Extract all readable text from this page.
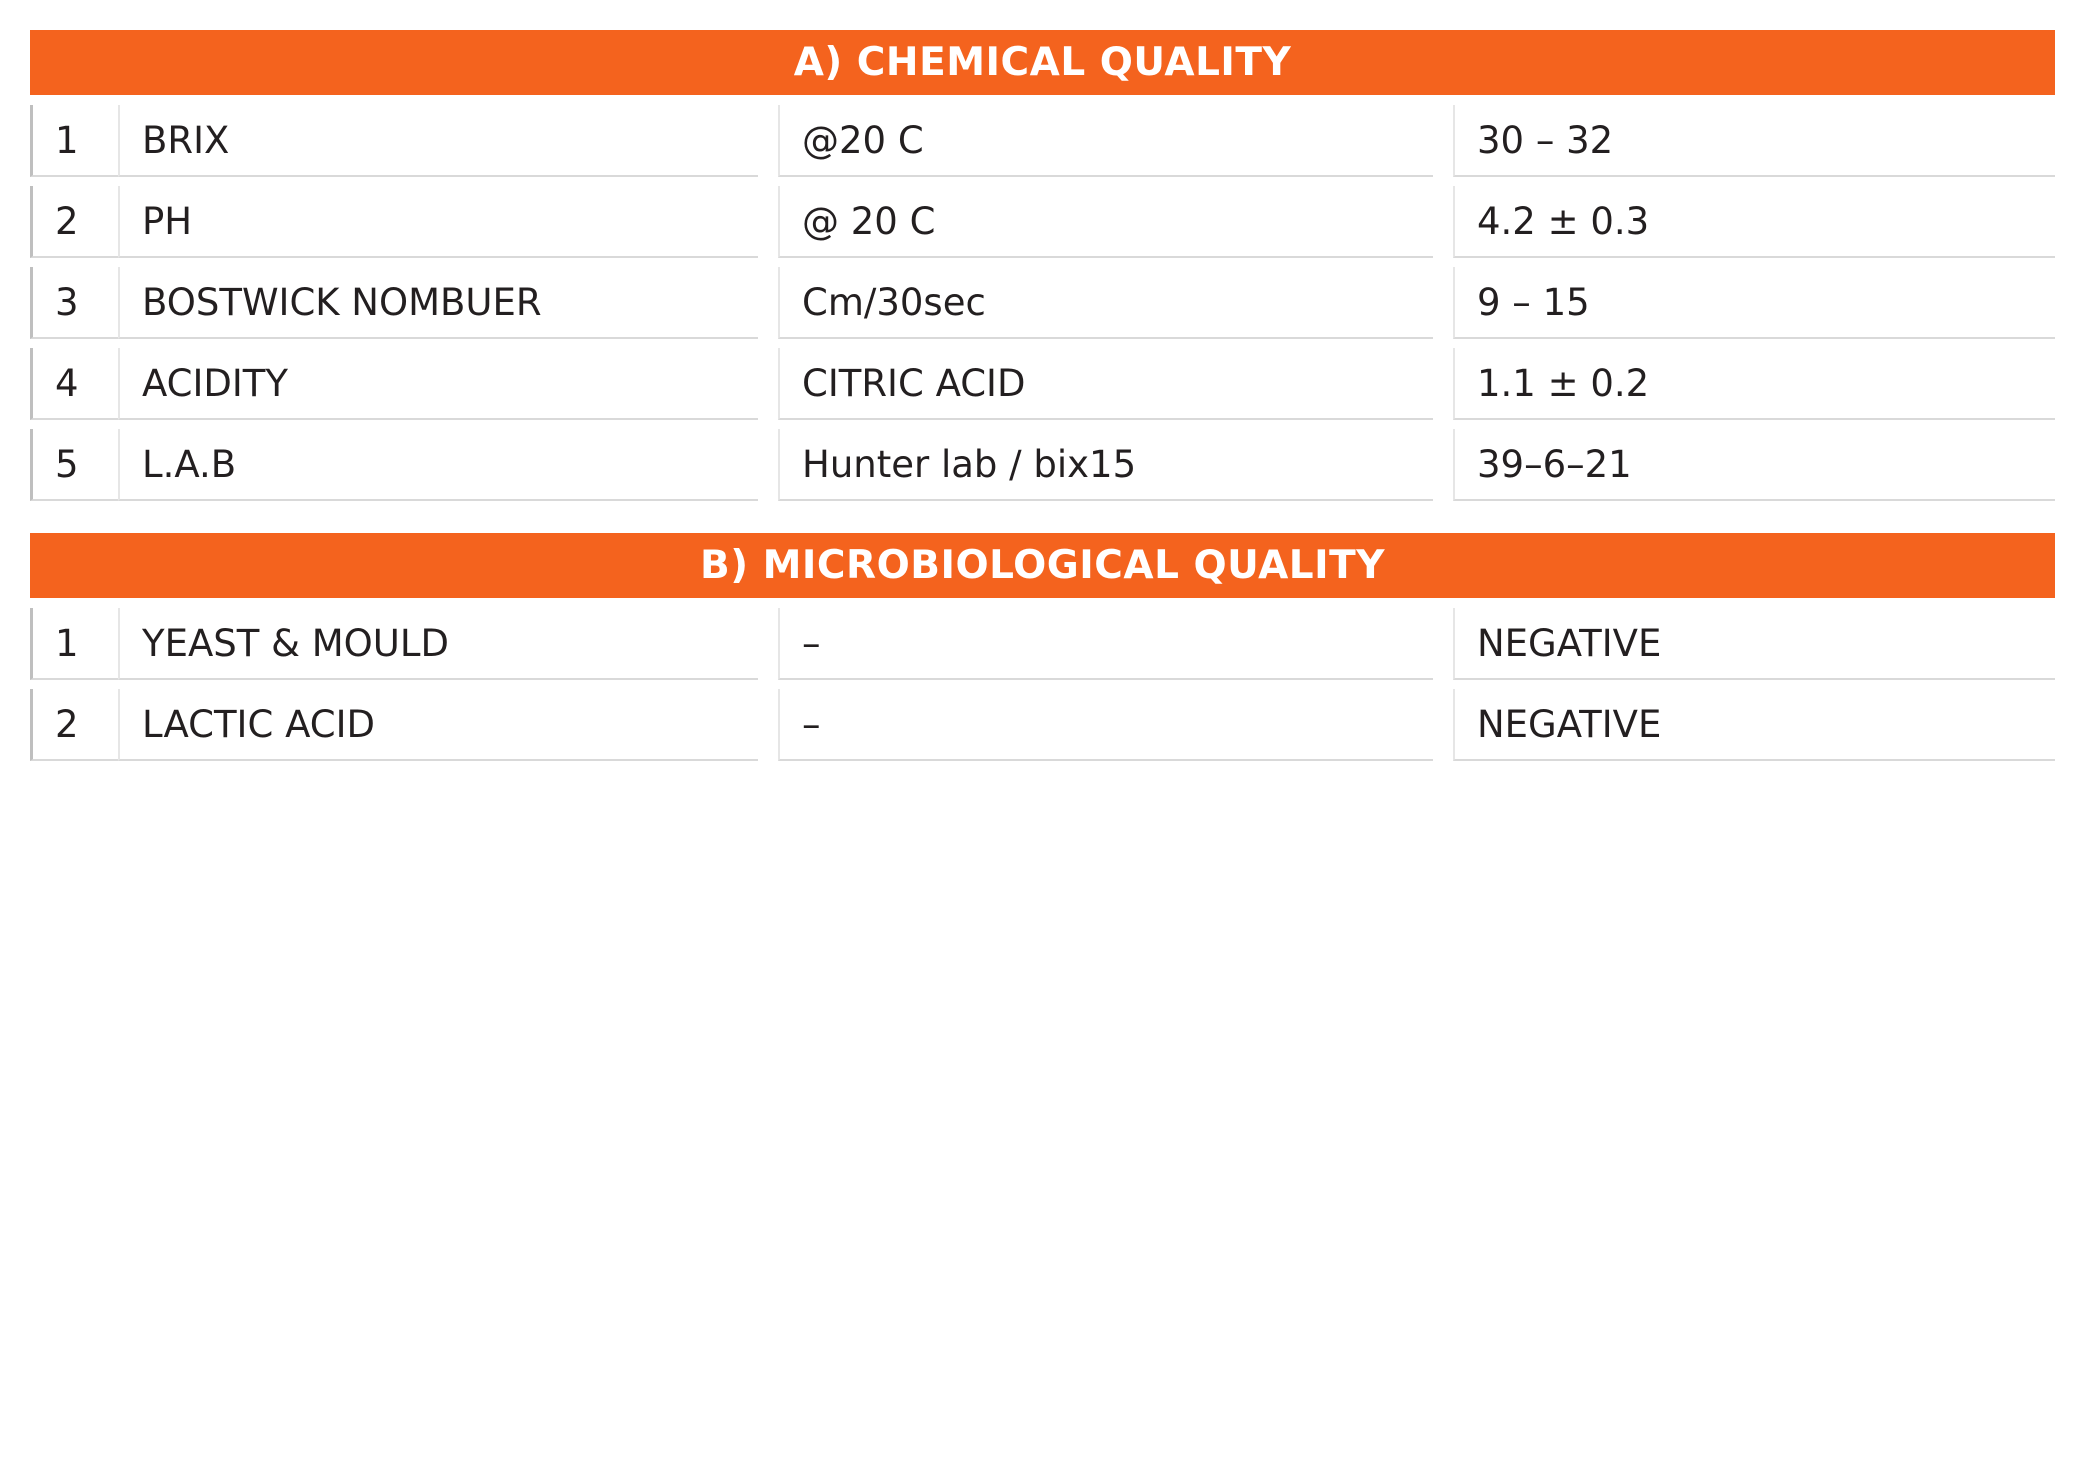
A) CHEMICAL QUALITY
1	BRIX	@20 C	30 – 32
2	PH	@ 20 C	4.2 ± 0.3
3	BOSTWICK NOMBUER	Cm/30sec	9 – 15
4	ACIDITY	CITRIC ACID	1.1 ± 0.2
5	L.A.B	Hunter lab / bix15	39–6–21
B) MICROBIOLOGICAL QUALITY
1	YEAST & MOULD	–	NEGATIVE
2	LACTIC ACID	–	NEGATIVE
